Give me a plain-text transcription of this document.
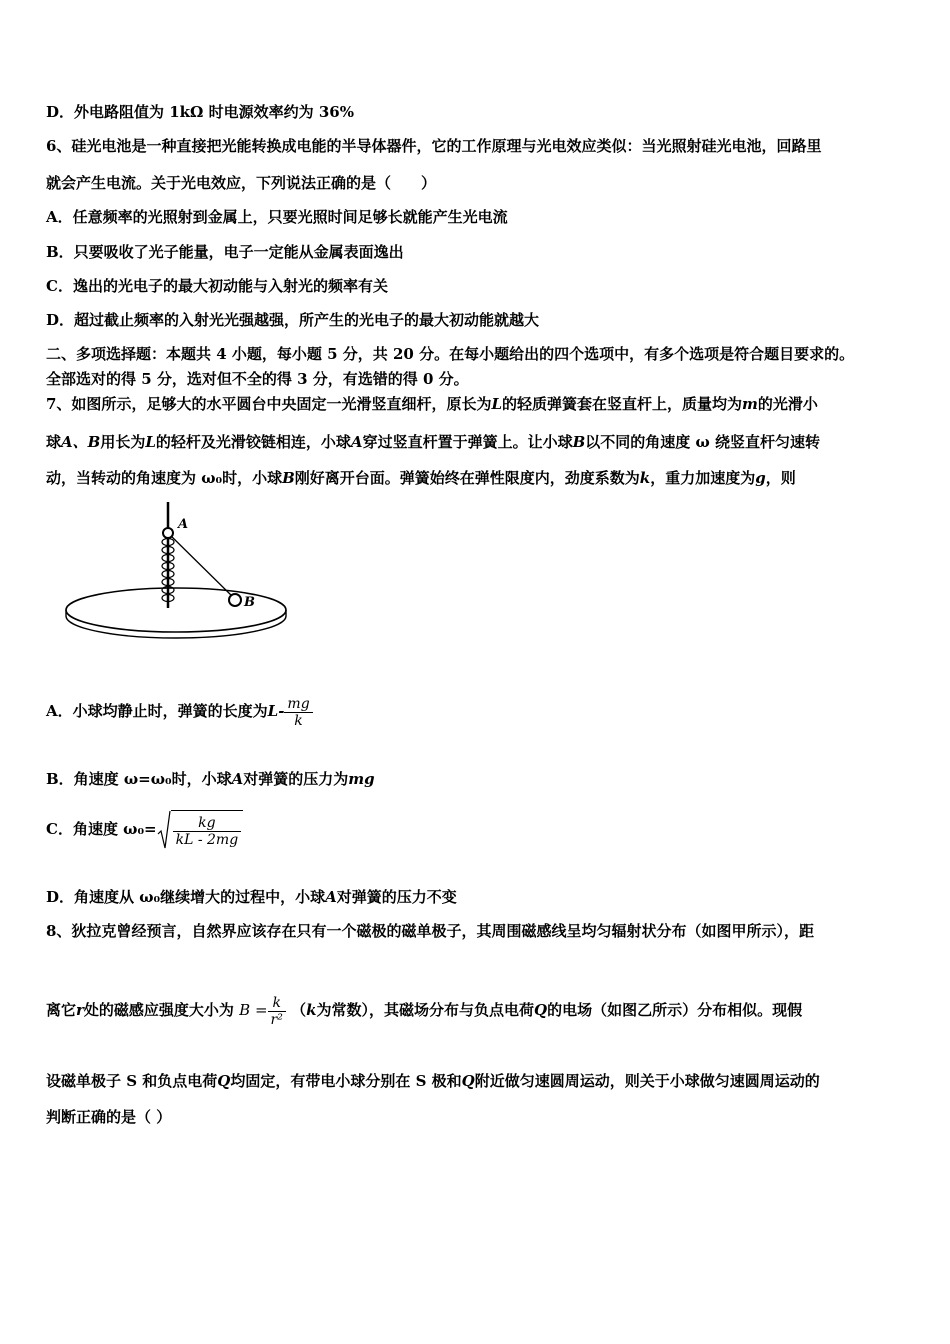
D．外电路阻值为 1kΩ 时电源效率约为 36%
6、硅光电池是一种直接把光能转换成电能的半导体器件，它的工作原理与光电效应类似：当光照射硅光电池，回路里
就会产生电流。关于光电效应，下列说法正确的是（　　）
A．任意频率的光照射到金属上，只要光照时间足够长就能产生光电流
B．只要吸收了光子能量，电子一定能从金属表面逸出
C．逸出的光电子的最大初动能与入射光的频率有关
D．超过截止频率的入射光光强越强，所产生的光电子的最大初动能就越大
二、多项选择题：本题共 4 小题，每小题 5 分，共 20 分。在每小题给出的四个选项中，有多个选项是符合题目要求的。
全部选对的得 5 分，选对但不全的得 3 分，有选错的得 0 分。
7、如图所示，足够大的水平圆台中央固定一光滑竖直细杆，原长为L的轻质弹簧套在竖直杆上，质量均为m的光滑小
球A、B用长为L的轻杆及光滑铰链相连，小球A穿过竖直杆置于弹簧上。让小球B以不同的角速度 ω 绕竖直杆匀速转
动，当转动的角速度为 ω₀时，小球B刚好离开台面。弹簧始终在弹性限度内，劲度系数为k，重力加速度为g，则
A
B
A．小球均静止时，弹簧的长度为$L- \frac{mg}{k}$
B．角速度 ω=ω₀时，小球A对弹簧的压力为mg
C．角速度 $\omega_0= \frac{kg}{kL - 2mg}$
D．角速度从 ω₀继续增大的过程中，小球A对弹簧的压力不变
8、狄拉克曾经预言，自然界应该存在只有一个磁极的磁单极子，其周围磁感线呈均匀辐射状分布（如图甲所示），距
离它r处的磁感应强度大小为 $B = \frac{k}{\text{r²}} (k$为常数），其磁场分布与负点电荷Q的电场（如图乙所示）分布相似。现假
设磁单极子 S 和负点电荷Q均固定，有带电小球分别在 S 极和Q附近做匀速圆周运动，则关于小球做匀速圆周运动的
判断正确的是（ ）
